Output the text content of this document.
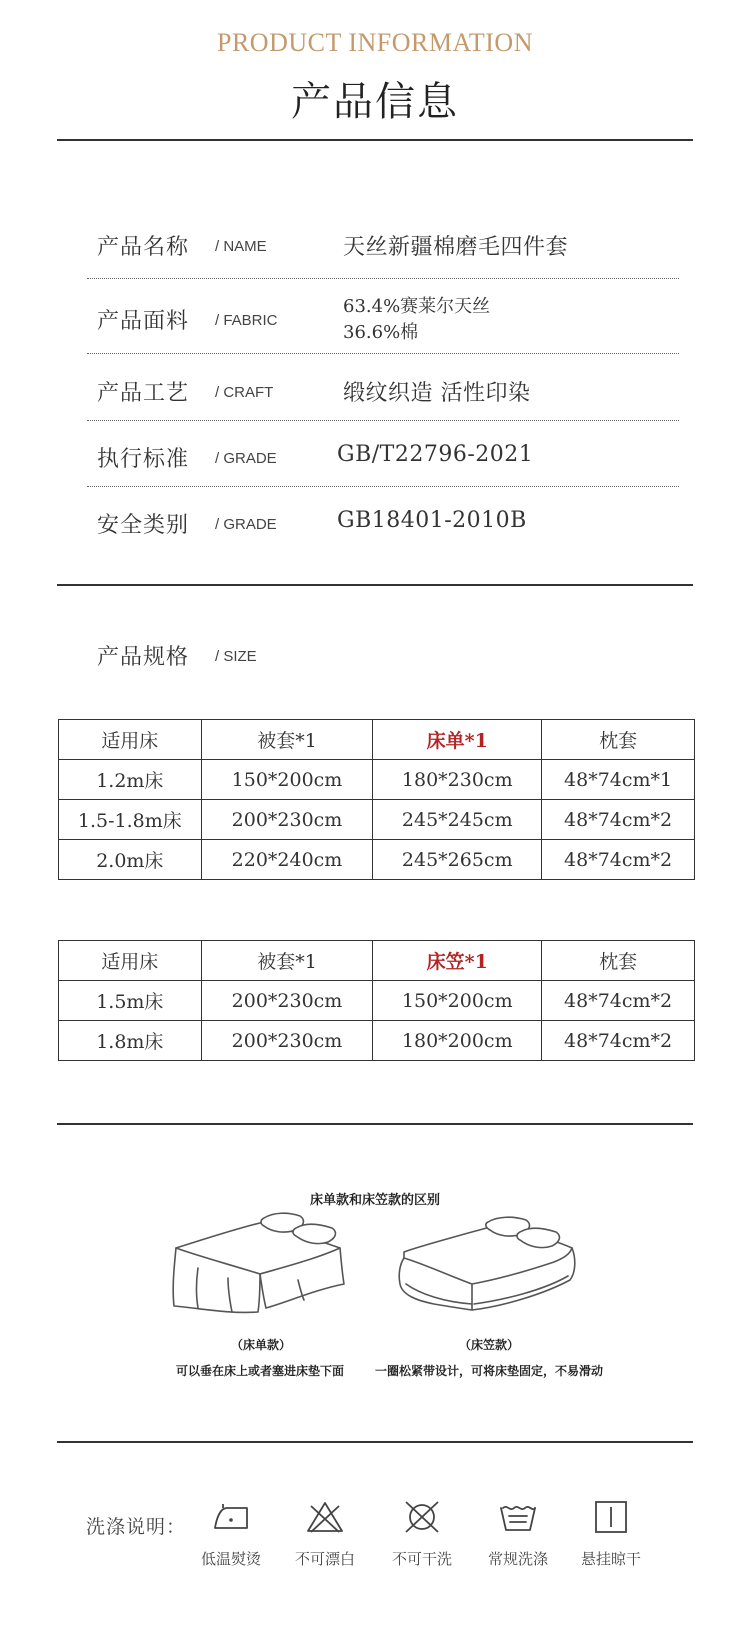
PRODUCT INFORMATION
产品信息
产品名称 / NAME	天丝新疆棉磨毛四件套
产品面料 / FABRIC
63.4%赛莱尔天丝
36.6%棉
产品工艺 / CRAFT	缎纹织造 活性印染
执行标准 / GRADE	GB/T22796-2021
安全类别 / GRADE	GB18401-2010B
产品规格 / SIZE
适用床	被套*1	床单*1	枕套
1.2m床	150*200cm	180*230cm	48*74cm*1
1.5-1.8m床	200*230cm	245*245cm	48*74cm*2
2.0m床	220*240cm	245*265cm	48*74cm*2
适用床	被套*1	床笠*1	枕套
1.5m床	200*230cm	150*200cm	48*74cm*2
1.8m床	200*230cm	180*200cm	48*74cm*2
床单款和床笠款的区别
（床单款）
可以垂在床上或者塞进床垫下面
（床笠款）
一圈松紧带设计，可将床垫固定，不易滑动
洗涤说明：
低温熨烫	不可漂白	不可干洗	常规洗涤	悬挂晾干
